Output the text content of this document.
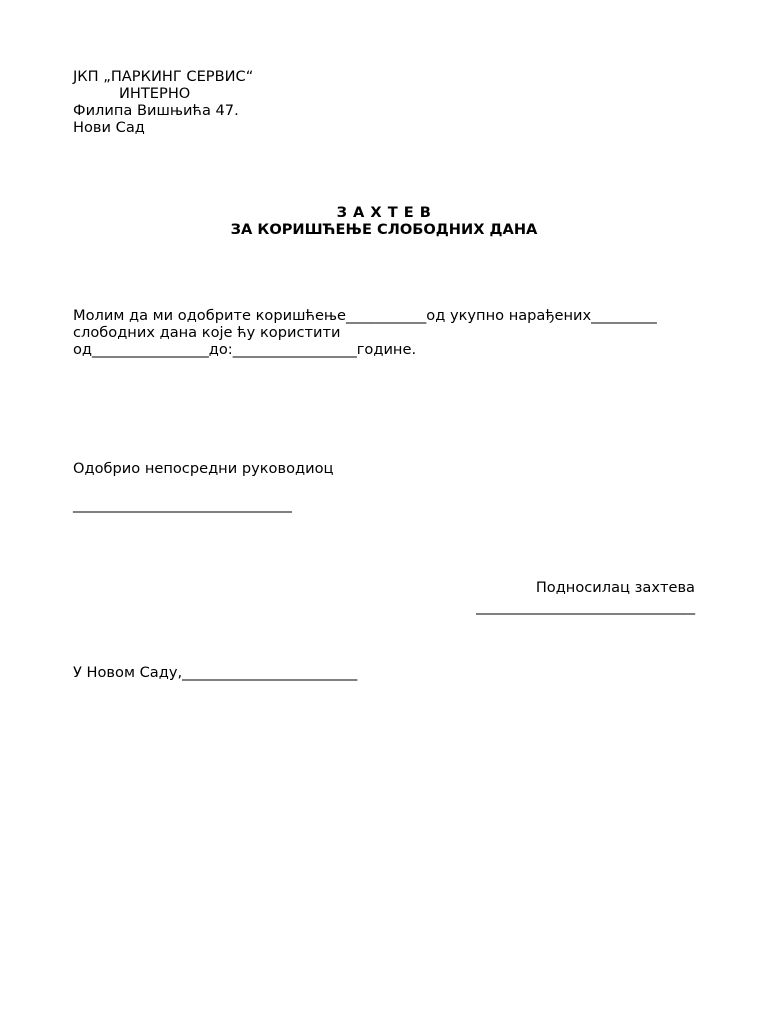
ЈКП „ПАРКИНГ СЕРВИС“
ИНТЕРНО
Филипа Вишњића 47.
Нови Сад
З А Х Т Е В
ЗА КОРИШЋЕЊЕ СЛОБОДНИХ ДАНА
Молим да ми одобрите коришћење___________од укупно нарађених_________
слободних дана које ћу користити
од________________до:_________________године.
Одобрио непосредни руководиоц
______________________________
Подносилац захтева
______________________________
У Новом Саду,________________________
